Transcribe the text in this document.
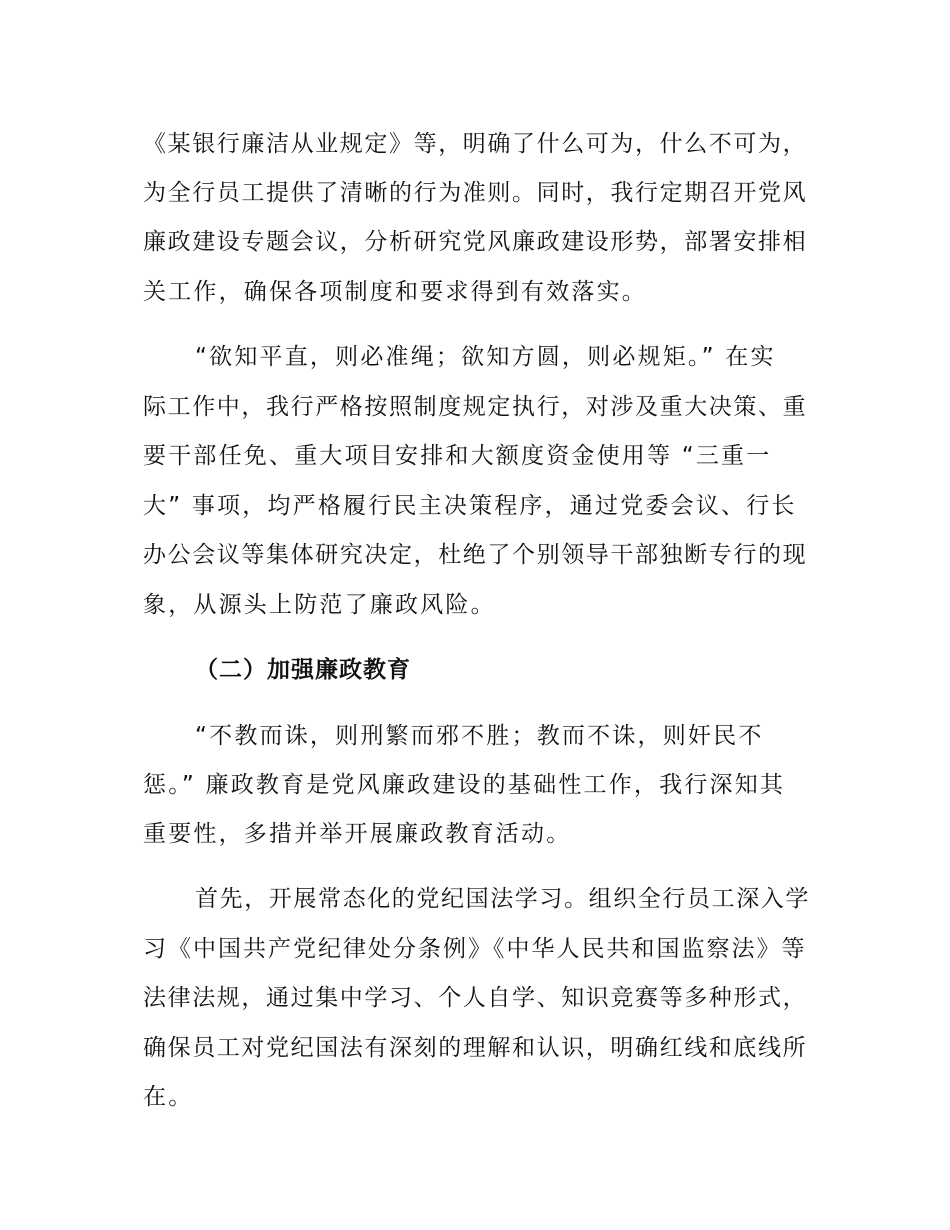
《某银行廉洁从业规定》等，明确了什么可为，什么不可为，
为全行员工提供了清晰的行为准则。同时，我行定期召开党风
廉政建设专题会议，分析研究党风廉政建设形势，部署安排相
关工作，确保各项制度和要求得到有效落实。
“欲知平直，则必准绳；欲知方圆，则必规矩。” 在实
际工作中，我行严格按照制度规定执行，对涉及重大决策、重
要干部任免、重大项目安排和大额度资金使用等 “三重一
大” 事项，均严格履行民主决策程序，通过党委会议、行长
办公会议等集体研究决定，杜绝了个别领导干部独断专行的现
象，从源头上防范了廉政风险。
（二）加强廉政教育
“不教而诛，则刑繁而邪不胜；教而不诛，则奸民不
惩。” 廉政教育是党风廉政建设的基础性工作，我行深知其
重要性，多措并举开展廉政教育活动。
首先，开展常态化的党纪国法学习。组织全行员工深入学
习《中国共产党纪律处分条例》《中华人民共和国监察法》等
法律法规，通过集中学习、个人自学、知识竞赛等多种形式，
确保员工对党纪国法有深刻的理解和认识，明确红线和底线所
在。
